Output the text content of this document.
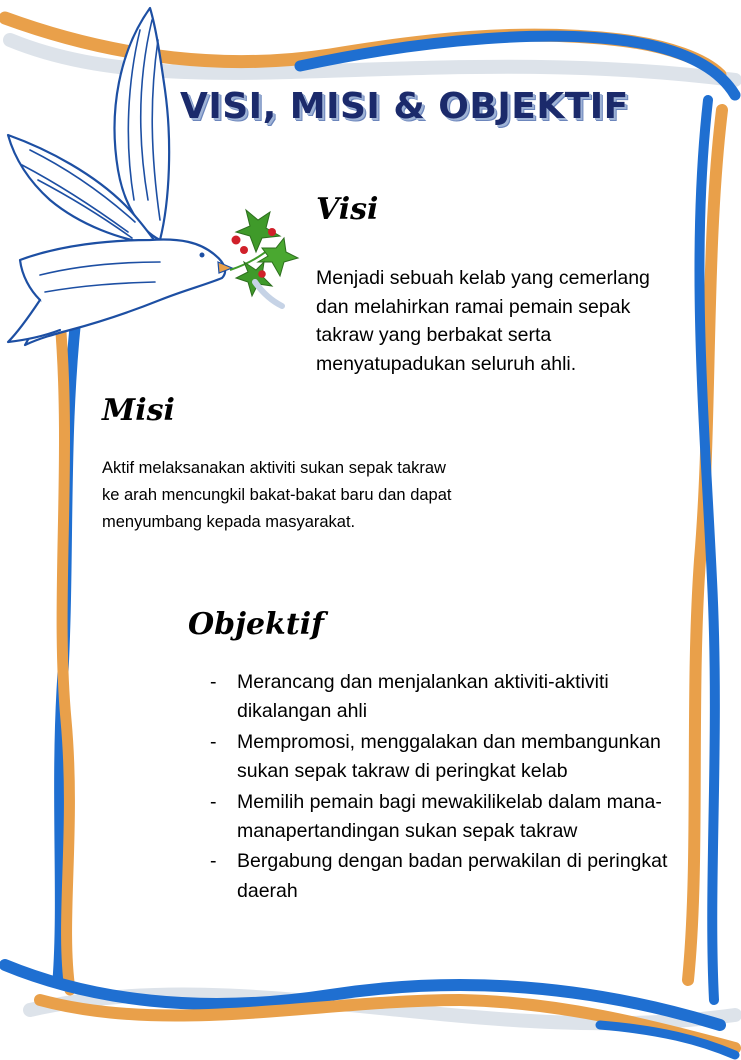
VISI, MISI & OBJEKTIF
Visi

Menjadi sebuah kelab yang cemerlang dan melahirkan ramai pemain sepak takraw yang berbakat serta menyatupadukan seluruh ahli.

Misi

Aktif melaksanakan aktiviti sukan sepak takraw ke arah mencungkil bakat-bakat baru dan dapat menyumbang kepada masyarakat.

Objektif
- Merancang dan menjalankan aktiviti-aktiviti dikalangan ahli
- Mempromosi, menggalakan dan membangunkan sukan sepak takraw di peringkat kelab
- Memilih pemain bagi mewakilikelab dalam mana-manapertandingan sukan sepak takraw
- Bergabung dengan badan perwakilan di peringkat daerah
